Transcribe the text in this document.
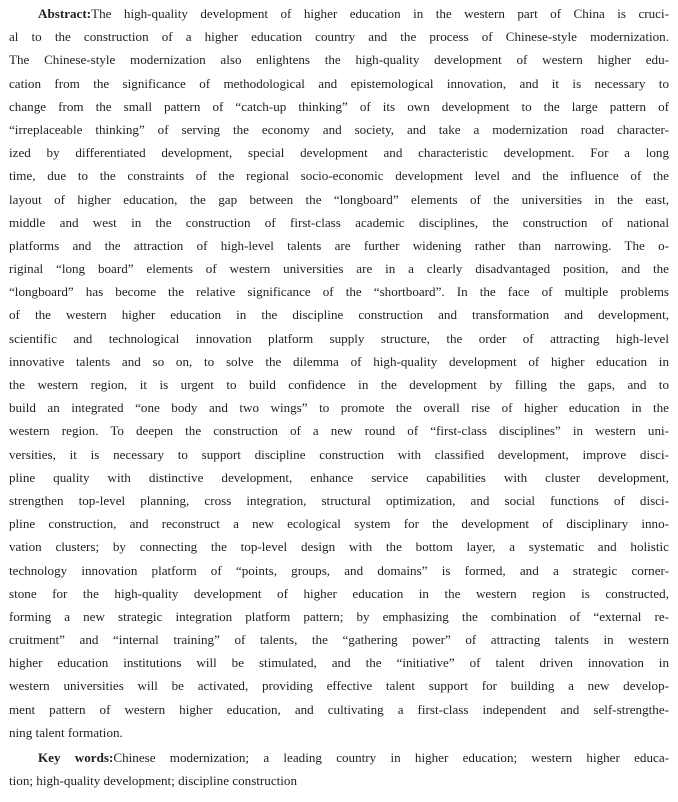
Abstract:The high-quality development of higher education in the western part of China is cruci-
al to the construction of a higher education country and the process of Chinese-style modernization.
The Chinese-style modernization also enlightens the high-quality development of western higher edu-
cation from the significance of methodological and epistemological innovation, and it is necessary to
change from the small pattern of “catch-up thinking” of its own development to the large pattern of
“irreplaceable thinking” of serving the economy and society, and take a modernization road character-
ized by differentiated development, special development and characteristic development. For a long
time, due to the constraints of the regional socio-economic development level and the influence of the
layout of higher education, the gap between the “longboard” elements of the universities in the east,
middle and west in the construction of first-class academic disciplines, the construction of national
platforms and the attraction of high-level talents are further widening rather than narrowing. The o-
riginal “long board” elements of western universities are in a clearly disadvantaged position, and the
“longboard” has become the relative significance of the “shortboard”. In the face of multiple problems
of the western higher education in the discipline construction and transformation and development,
scientific and technological innovation platform supply structure, the order of attracting high-level
innovative talents and so on, to solve the dilemma of high-quality development of higher education in
the western region, it is urgent to build confidence in the development by filling the gaps, and to
build an integrated “one body and two wings” to promote the overall rise of higher education in the
western region. To deepen the construction of a new round of “first-class disciplines” in western uni-
versities, it is necessary to support discipline construction with classified development, improve disci-
pline quality with distinctive development, enhance service capabilities with cluster development,
strengthen top-level planning, cross integration, structural optimization, and social functions of disci-
pline construction, and reconstruct a new ecological system for the development of disciplinary inno-
vation clusters; by connecting the top-level design with the bottom layer, a systematic and holistic
technology innovation platform of “points, groups, and domains” is formed, and a strategic corner-
stone for the high-quality development of higher education in the western region is constructed,
forming a new strategic integration platform pattern; by emphasizing the combination of “external re-
cruitment” and “internal training” of talents, the “gathering power” of attracting talents in western
higher education institutions will be stimulated, and the “initiative” of talent driven innovation in
western universities will be activated, providing effective talent support for building a new develop-
ment pattern of western higher education, and cultivating a first-class independent and self-strengthe-
ning talent formation.
Key words:Chinese modernization; a leading country in higher education; western higher educa-
tion; high-quality development; discipline construction
